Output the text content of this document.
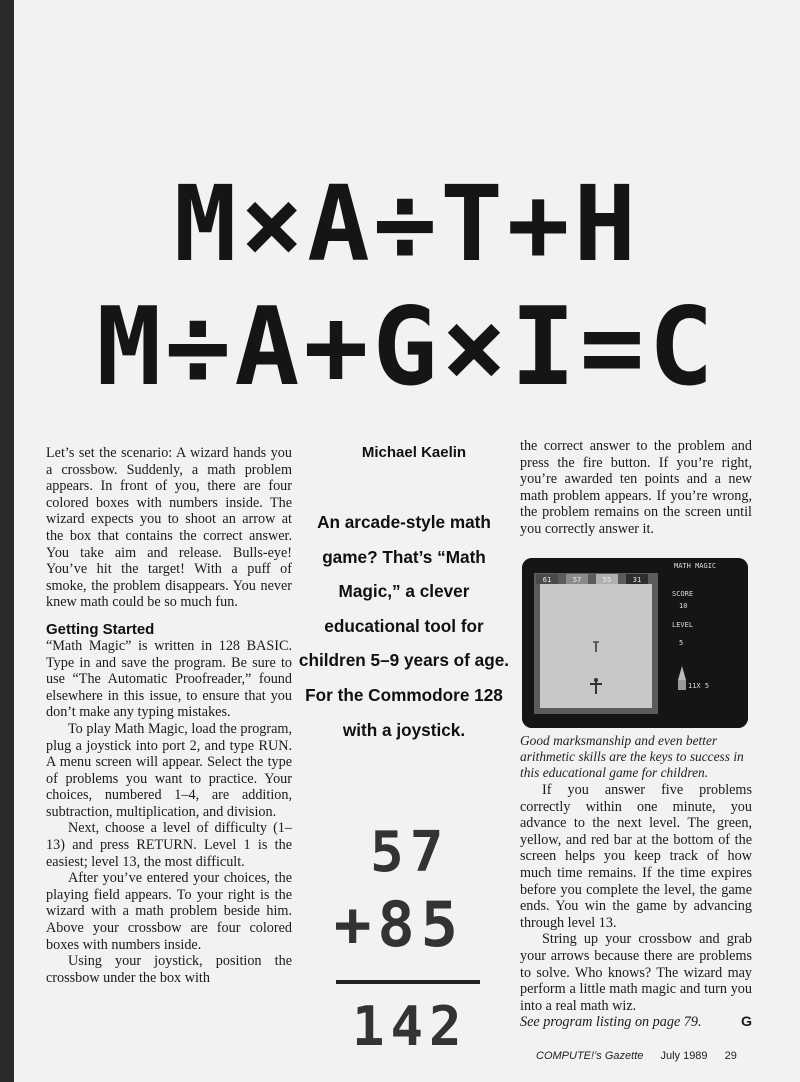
M×A÷T+H
M÷A+G×I=C

Let’s set the scenario: A wizard hands you a crossbow. Suddenly, a math problem appears. In front of you, there are four colored boxes with numbers inside. The wizard expects you to shoot an arrow at the box that contains the correct answer. You take aim and release. Bulls-eye! You’ve hit the target! With a puff of smoke, the problem disappears. You never knew math could be so much fun.

Getting Started

“Math Magic” is written in 128 BASIC. Type in and save the program. Be sure to use “The Automatic Proofreader,” found elsewhere in this issue, to ensure that you don’t make any typing mistakes.

To play Math Magic, load the program, plug a joystick into port 2, and type RUN. A menu screen will appear. Select the type of problems you want to practice. Your choices, numbered 1–4, are addition, subtraction, multiplication, and division.

Next, choose a level of difficulty (1–13) and press RETURN. Level 1 is the easiest; level 13, the most difficult.

After you’ve entered your choices, the playing field appears. To your right is the wizard with a math problem beside him. Above your crossbow are four colored boxes with numbers inside.

Using your joystick, position the crossbow under the box with

Michael Kaelin
An arcade-style math game? That’s “Math Magic,” a clever educational tool for children 5–9 years of age. For the Commodore 128 with a joystick.
57
+85
142

the correct answer to the problem and press the fire button. If you’re right, you’re awarded ten points and a new math problem appears. If you’re wrong, the problem remains on the screen until you correctly answer it.

MATH MAGIC
61	57	55	31
SCORE
10
LEVEL
5
11X 5
Good marksmanship and even better arithmetic skills are the keys to success in this educational game for children.

If you answer five problems correctly within one minute, you advance to the next level. The green, yellow, and red bar at the bottom of the screen helps you keep track of how much time remains. If the time expires before you complete the level, the game ends. You win the game by advancing through level 13.

String up your crossbow and grab your arrows because there are problems to solve. Who knows? The wizard may perform a little math magic and turn you into a real math wiz.

See program listing on page 79.	G

COMPUTE!’s Gazette July 1989 29
